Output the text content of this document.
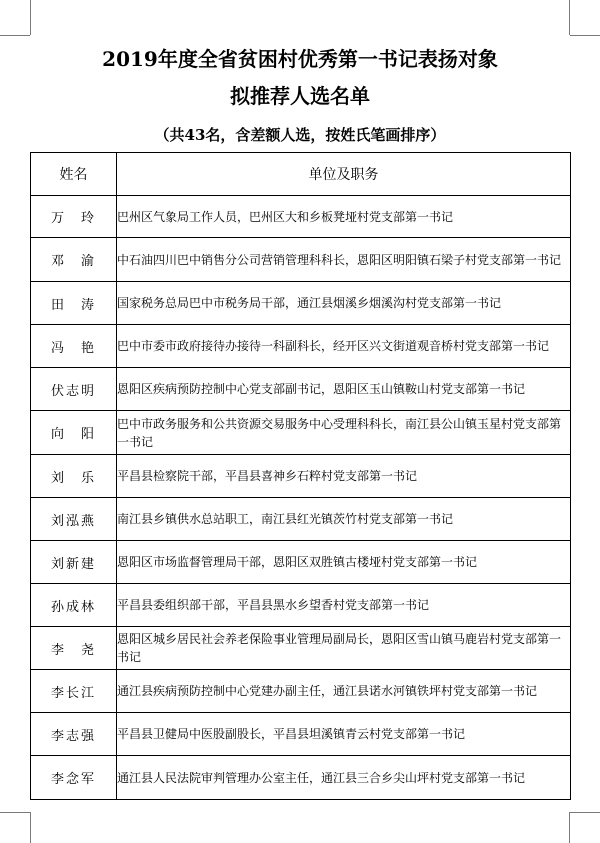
2019年度全省贫困村优秀第一书记表扬对象
拟推荐人选名单
（共43名，含差额人选，按姓氏笔画排序）
姓名	单位及职务
万　玲	巴州区气象局工作人员，巴州区大和乡板凳垭村党支部第一书记
邓　渝	中石油四川巴中销售分公司营销管理科科长，恩阳区明阳镇石梁子村党支部第一书记
田　涛	国家税务总局巴中市税务局干部，通江县烟溪乡烟溪沟村党支部第一书记
冯　艳	巴中市委市政府接待办接待一科副科长，经开区兴文街道观音桥村党支部第一书记
伏志明	恩阳区疾病预防控制中心党支部副书记，恩阳区玉山镇鞍山村党支部第一书记
向　阳	巴中市政务服务和公共资源交易服务中心受理科科长，南江县公山镇玉星村党支部第一书记
刘　乐	平昌县检察院干部，平昌县喜神乡石粹村党支部第一书记
刘泓燕	南江县乡镇供水总站职工，南江县红光镇茨竹村党支部第一书记
刘新建	恩阳区市场监督管理局干部，恩阳区双胜镇古楼垭村党支部第一书记
孙成林	平昌县委组织部干部，平昌县黑水乡望香村党支部第一书记
李　尧	恩阳区城乡居民社会养老保险事业管理局副局长，恩阳区雪山镇马鹿岩村党支部第一书记
李长江	通江县疾病预防控制中心党建办副主任，通江县诺水河镇铁坪村党支部第一书记
李志强	平昌县卫健局中医股副股长，平昌县坦溪镇青云村党支部第一书记
李念军	通江县人民法院审判管理办公室主任，通江县三合乡尖山坪村党支部第一书记
